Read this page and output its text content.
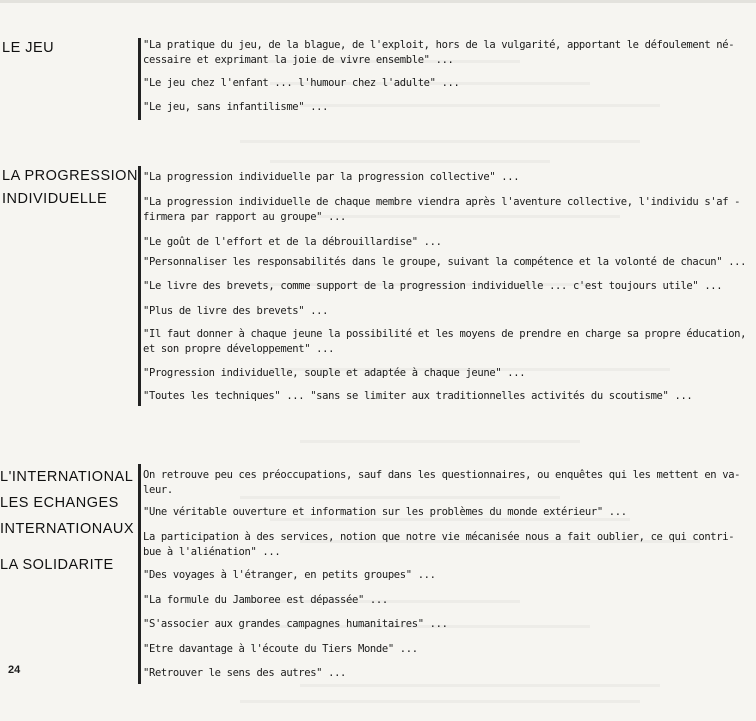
LE JEU	"La pratique du jeu, de la blague, de l'exploit, hors de la vulgarité, apportant le défoulement né-
cessaire et exprimant la joie de vivre ensemble" ...
"Le jeu chez l'enfant ... l'humour chez l'adulte" ...
"Le jeu, sans infantilisme" ...
LA PROGRESSION
INDIVIDUELLE
"La progression individuelle par la progression collective" ...
"La progression individuelle de chaque membre viendra après l'aventure collective, l'individu s'af -
firmera par rapport au groupe" ...
"Le goût de l'effort et de la débrouillardise" ...
"Personnaliser les responsabilités dans le groupe, suivant la compétence et la volonté de chacun" ...
"Le livre des brevets, comme support de la progression individuelle ... c'est toujours utile" ...
"Plus de livre des brevets" ...
"Il faut donner à chaque jeune la possibilité et les moyens de prendre en charge sa propre éducation,
et son propre développement" ...
"Progression individuelle, souple et adaptée à chaque jeune" ...
"Toutes les techniques" ... "sans se limiter aux traditionnelles activités du scoutisme" ...
L'INTERNATIONAL
LES ECHANGES
INTERNATIONAUX
LA SOLIDARITE
On retrouve peu ces préoccupations, sauf dans les questionnaires, ou enquêtes qui les mettent en va-
leur.
"Une véritable ouverture et information sur les problèmes du monde extérieur" ...
La participation à des services, notion que notre vie mécanisée nous a fait oublier, ce qui contri-
bue à l'aliénation" ...
"Des voyages à l'étranger, en petits groupes" ...
"La formule du Jamboree est dépassée" ...
"S'associer aux grandes campagnes humanitaires" ...
"Etre davantage à l'écoute du Tiers Monde" ...
"Retrouver le sens des autres" ...
24
